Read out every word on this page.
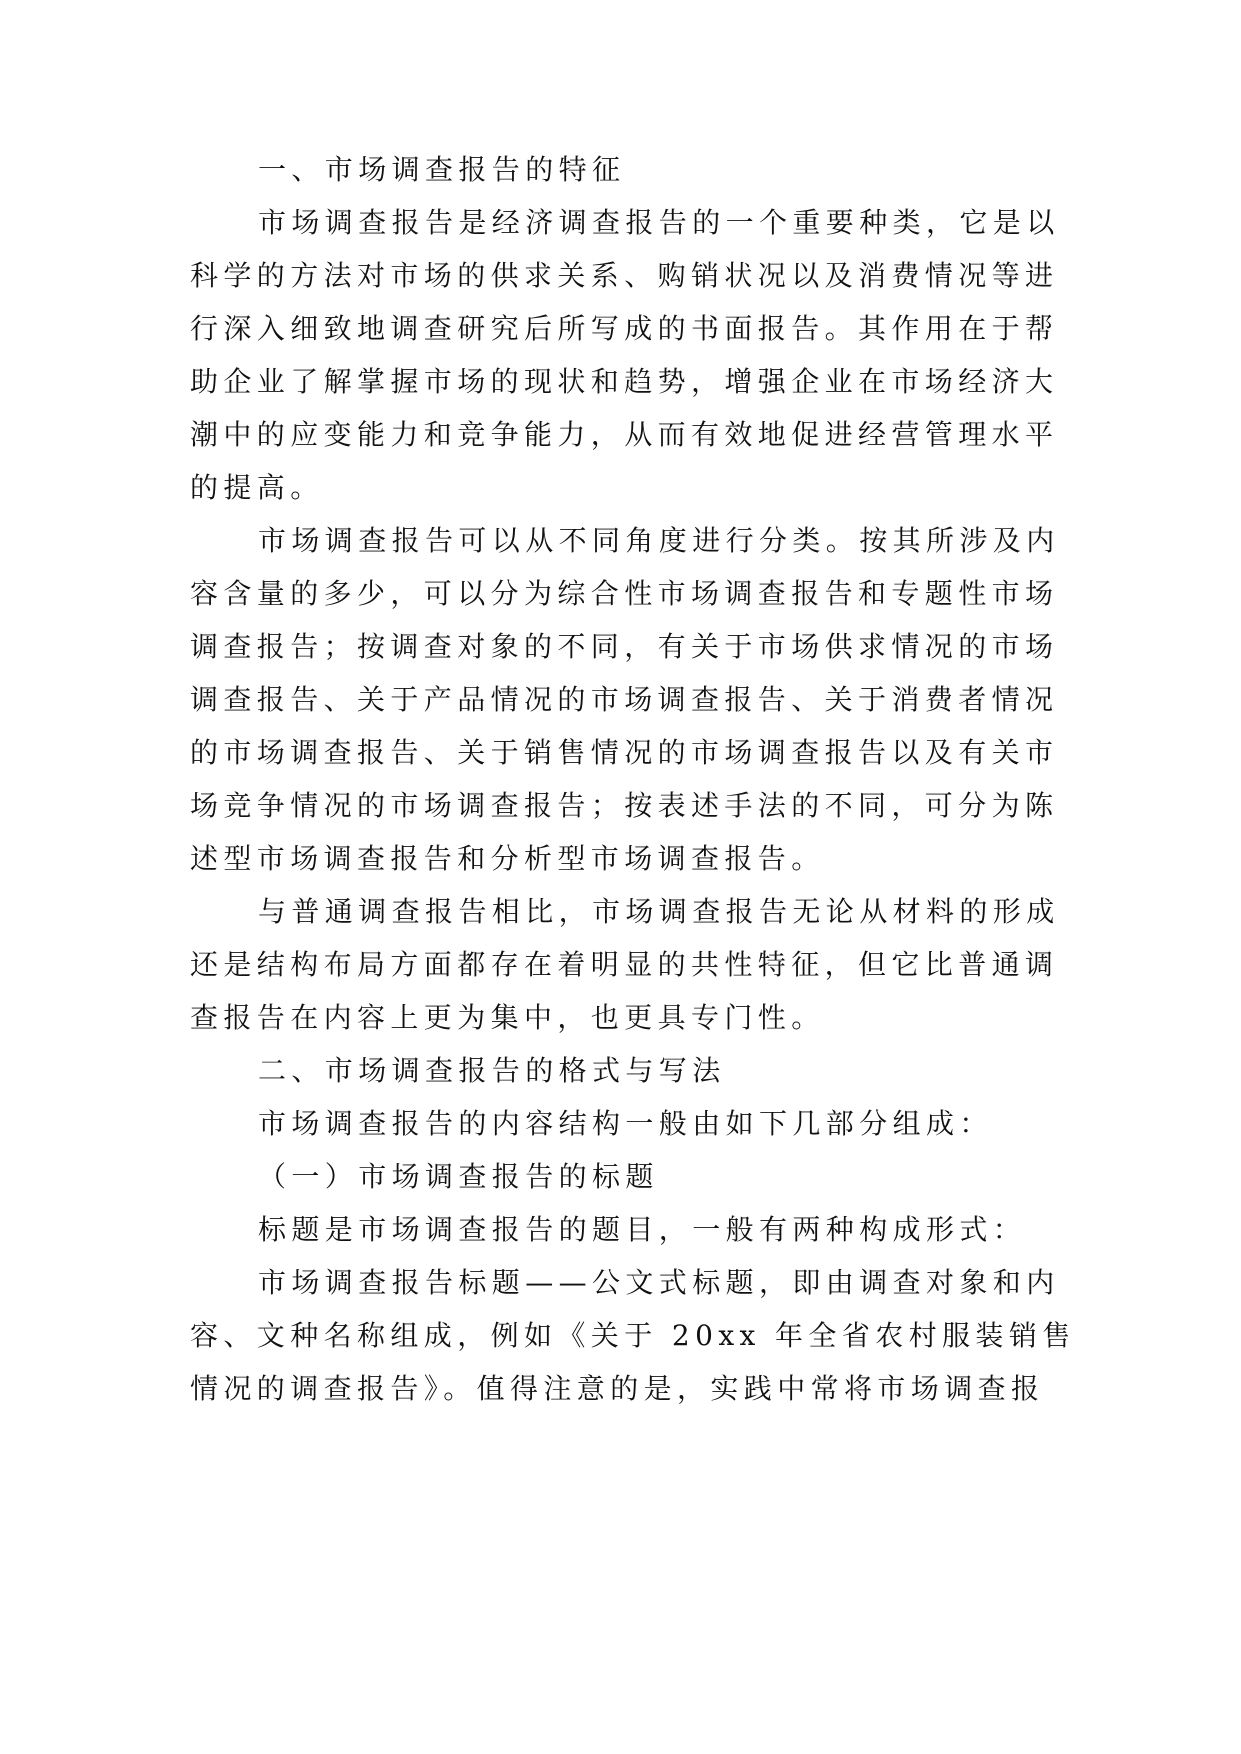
一、市场调查报告的特征
市场调查报告是经济调查报告的一个重要种类，它是以
科学的方法对市场的供求关系、购销状况以及消费情况等进
行深入细致地调查研究后所写成的书面报告。其作用在于帮
助企业了解掌握市场的现状和趋势，增强企业在市场经济大
潮中的应变能力和竞争能力，从而有效地促进经营管理水平
的提高。
市场调查报告可以从不同角度进行分类。按其所涉及内
容含量的多少，可以分为综合性市场调查报告和专题性市场
调查报告；按调查对象的不同，有关于市场供求情况的市场
调查报告、关于产品情况的市场调查报告、关于消费者情况
的市场调查报告、关于销售情况的市场调查报告以及有关市
场竞争情况的市场调查报告；按表述手法的不同，可分为陈
述型市场调查报告和分析型市场调查报告。
与普通调查报告相比，市场调查报告无论从材料的形成
还是结构布局方面都存在着明显的共性特征，但它比普通调
查报告在内容上更为集中，也更具专门性。
二、市场调查报告的格式与写法
市场调查报告的内容结构一般由如下几部分组成：
（一）市场调查报告的标题
标题是市场调查报告的题目，一般有两种构成形式：
市场调查报告标题——公文式标题，即由调查对象和内
容、文种名称组成，例如《关于 20xx 年全省农村服装销售
情况的调查报告》。值得注意的是，实践中常将市场调查报
